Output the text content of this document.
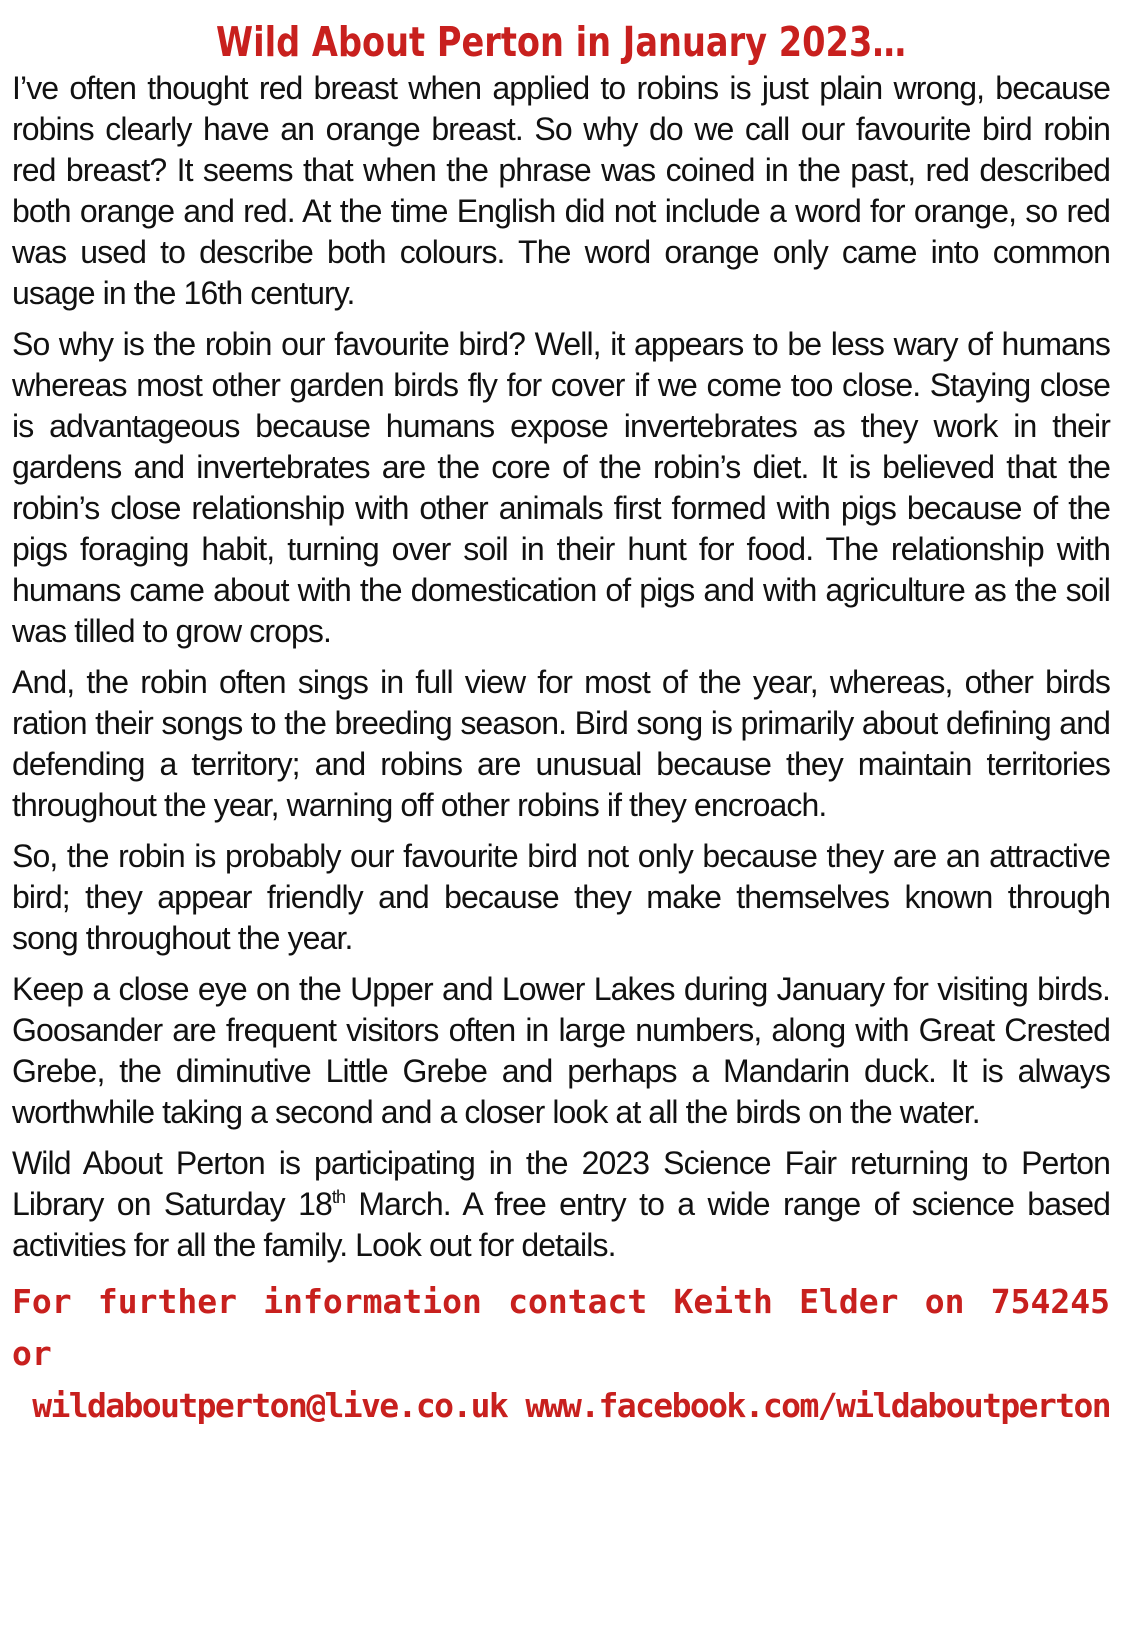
Wild About Perton in January 2023…

I’ve often thought red breast when applied to robins is just plain wrong, because robins clearly have an orange breast. So why do we call our favourite bird robin red breast? It seems that when the phrase was coined in the past, red described both orange and red. At the time English did not include a word for orange, so red was used to describe both colours. The word orange only came into common usage in the 16th century.

So why is the robin our favourite bird? Well, it appears to be less wary of humans whereas most other garden birds fly for cover if we come too close. Staying close is advantageous because humans expose invertebrates as they work in their gardens and invertebrates are the core of the robin’s diet. It is believed that the robin’s close relationship with other animals first formed with pigs because of the pigs foraging habit, turning over soil in their hunt for food. The relationship with humans came about with the domestication of pigs and with agriculture as the soil was tilled to grow crops.

And, the robin often sings in full view for most of the year, whereas, other birds ration their songs to the breeding season. Bird song is primarily about defining and defending a territory; and robins are unusual because they maintain territories throughout the year, warning off other robins if they encroach.

So, the robin is probably our favourite bird not only because they are an attractive bird; they appear friendly and because they make themselves known through song throughout the year.

Keep a close eye on the Upper and Lower Lakes during January for visiting birds. Goosander are frequent visitors often in large numbers, along with Great Crested Grebe, the diminutive Little Grebe and perhaps a Mandarin duck. It is always worthwhile taking a second and a closer look at all the birds on the water.

Wild About Perton is participating in the 2023 Science Fair returning to Perton Library on Saturday 18th March. A free entry to a wide range of science based activities for all the family. Look out for details.

For further information contact Keith Elder on 754245 or
wildaboutperton@live.co.uk www.facebook.com/wildaboutperton
